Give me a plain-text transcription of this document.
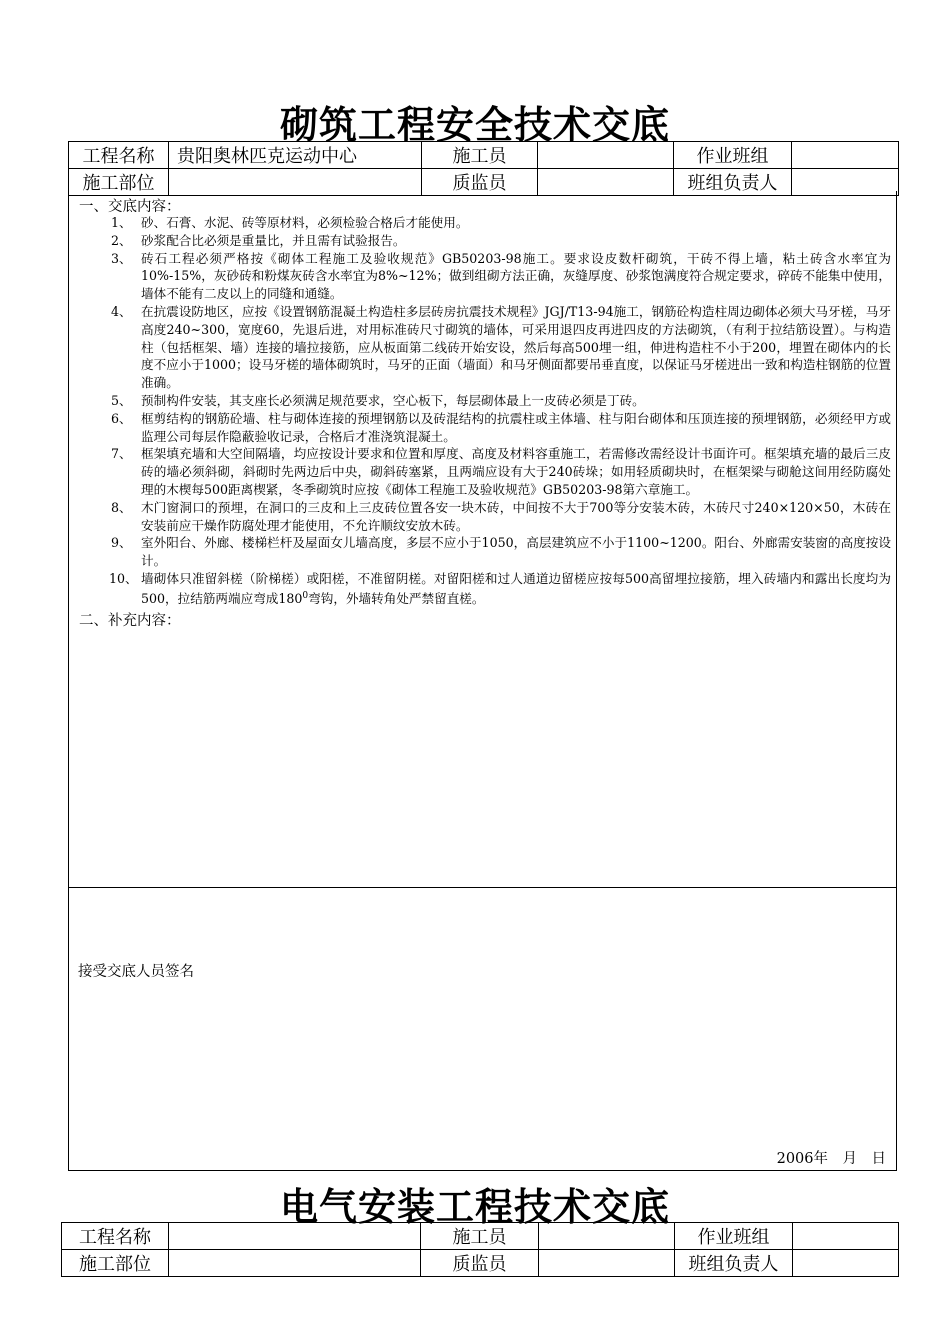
砌筑工程安全技术交底
工程名称	贵阳奥林匹克运动中心	施工员		作业班组	
施工部位		质监员		班组负责人	
一、交底内容：
1、 砂、石膏、水泥、砖等原材料，必须检验合格后才能使用。
2、 砂浆配合比必须是重量比，并且需有试验报告。
3、 砖石工程必须严格按《砌体工程施工及验收规范》GB50203-98施工。要求设皮数杆砌筑，干砖不得上墙，粘土砖含水率宜为10%-15%，灰砂砖和粉煤灰砖含水率宜为8%~12%；做到组砌方法正确，灰缝厚度、砂浆饱满度符合规定要求，碎砖不能集中使用，墙体不能有二皮以上的同缝和通缝。
4、 在抗震设防地区，应按《设置钢筋混凝土构造柱多层砖房抗震技术规程》JGJ/T13-94施工，钢筋砼构造柱周边砌体必须大马牙槎，马牙高度240~300，宽度60，先退后进，对用标准砖尺寸砌筑的墙体，可采用退四皮再进四皮的方法砌筑，（有利于拉结筋设置）。与构造柱（包括框架、墙）连接的墙拉接筋，应从板面第二线砖开始安设，然后每高500埋一组，伸进构造柱不小于200，埋置在砌体内的长度不应小于1000；设马牙槎的墙体砌筑时，马牙的正面（墙面）和马牙侧面都要吊垂直度，以保证马牙槎进出一致和构造柱钢筋的位置准确。
5、 预制构件安装，其支座长必须满足规范要求，空心板下，每层砌体最上一皮砖必须是丁砖。
6、 框剪结构的钢筋砼墙、柱与砌体连接的预埋钢筋以及砖混结构的抗震柱或主体墙、柱与阳台砌体和压顶连接的预埋钢筋，必须经甲方或监理公司每层作隐蔽验收记录，合格后才准浇筑混凝土。
7、 框架填充墙和大空间隔墙，均应按设计要求和位置和厚度、高度及材料容重施工，若需修改需经设计书面许可。框架填充墙的最后三皮砖的墙必须斜砌，斜砌时先两边后中央，砌斜砖塞紧，且两端应设有大于240砖垛；如用轻质砌块时，在框架梁与砌舱这间用经防腐处理的木楔每500距离楔紧，冬季砌筑时应按《砌体工程施工及验收规范》GB50203-98第六章施工。
8、 木门窗洞口的预埋，在洞口的三皮和上三皮砖位置各安一块木砖，中间按不大于700等分安装木砖，木砖尺寸240×120×50，木砖在安装前应干燥作防腐处理才能使用，不允许顺纹安放木砖。
9、 室外阳台、外廊、楼梯栏杆及屋面女儿墙高度，多层不应小于1050，高层建筑应不小于1100~1200。阳台、外廊需安装窗的高度按设计。
10、 墙砌体只准留斜槎（阶梯槎）或阳槎，不准留阴槎。对留阳槎和过人通道边留槎应按每500高留埋拉接筋，埋入砖墙内和露出长度均为500，拉结筋两端应弯成$180^0$弯钩，外墙转角处严禁留直槎。
二、补充内容：
接受交底人员签名
2006年　月　日
电气安装工程技术交底
工程名称		施工员		作业班组	
施工部位		质监员		班组负责人	
